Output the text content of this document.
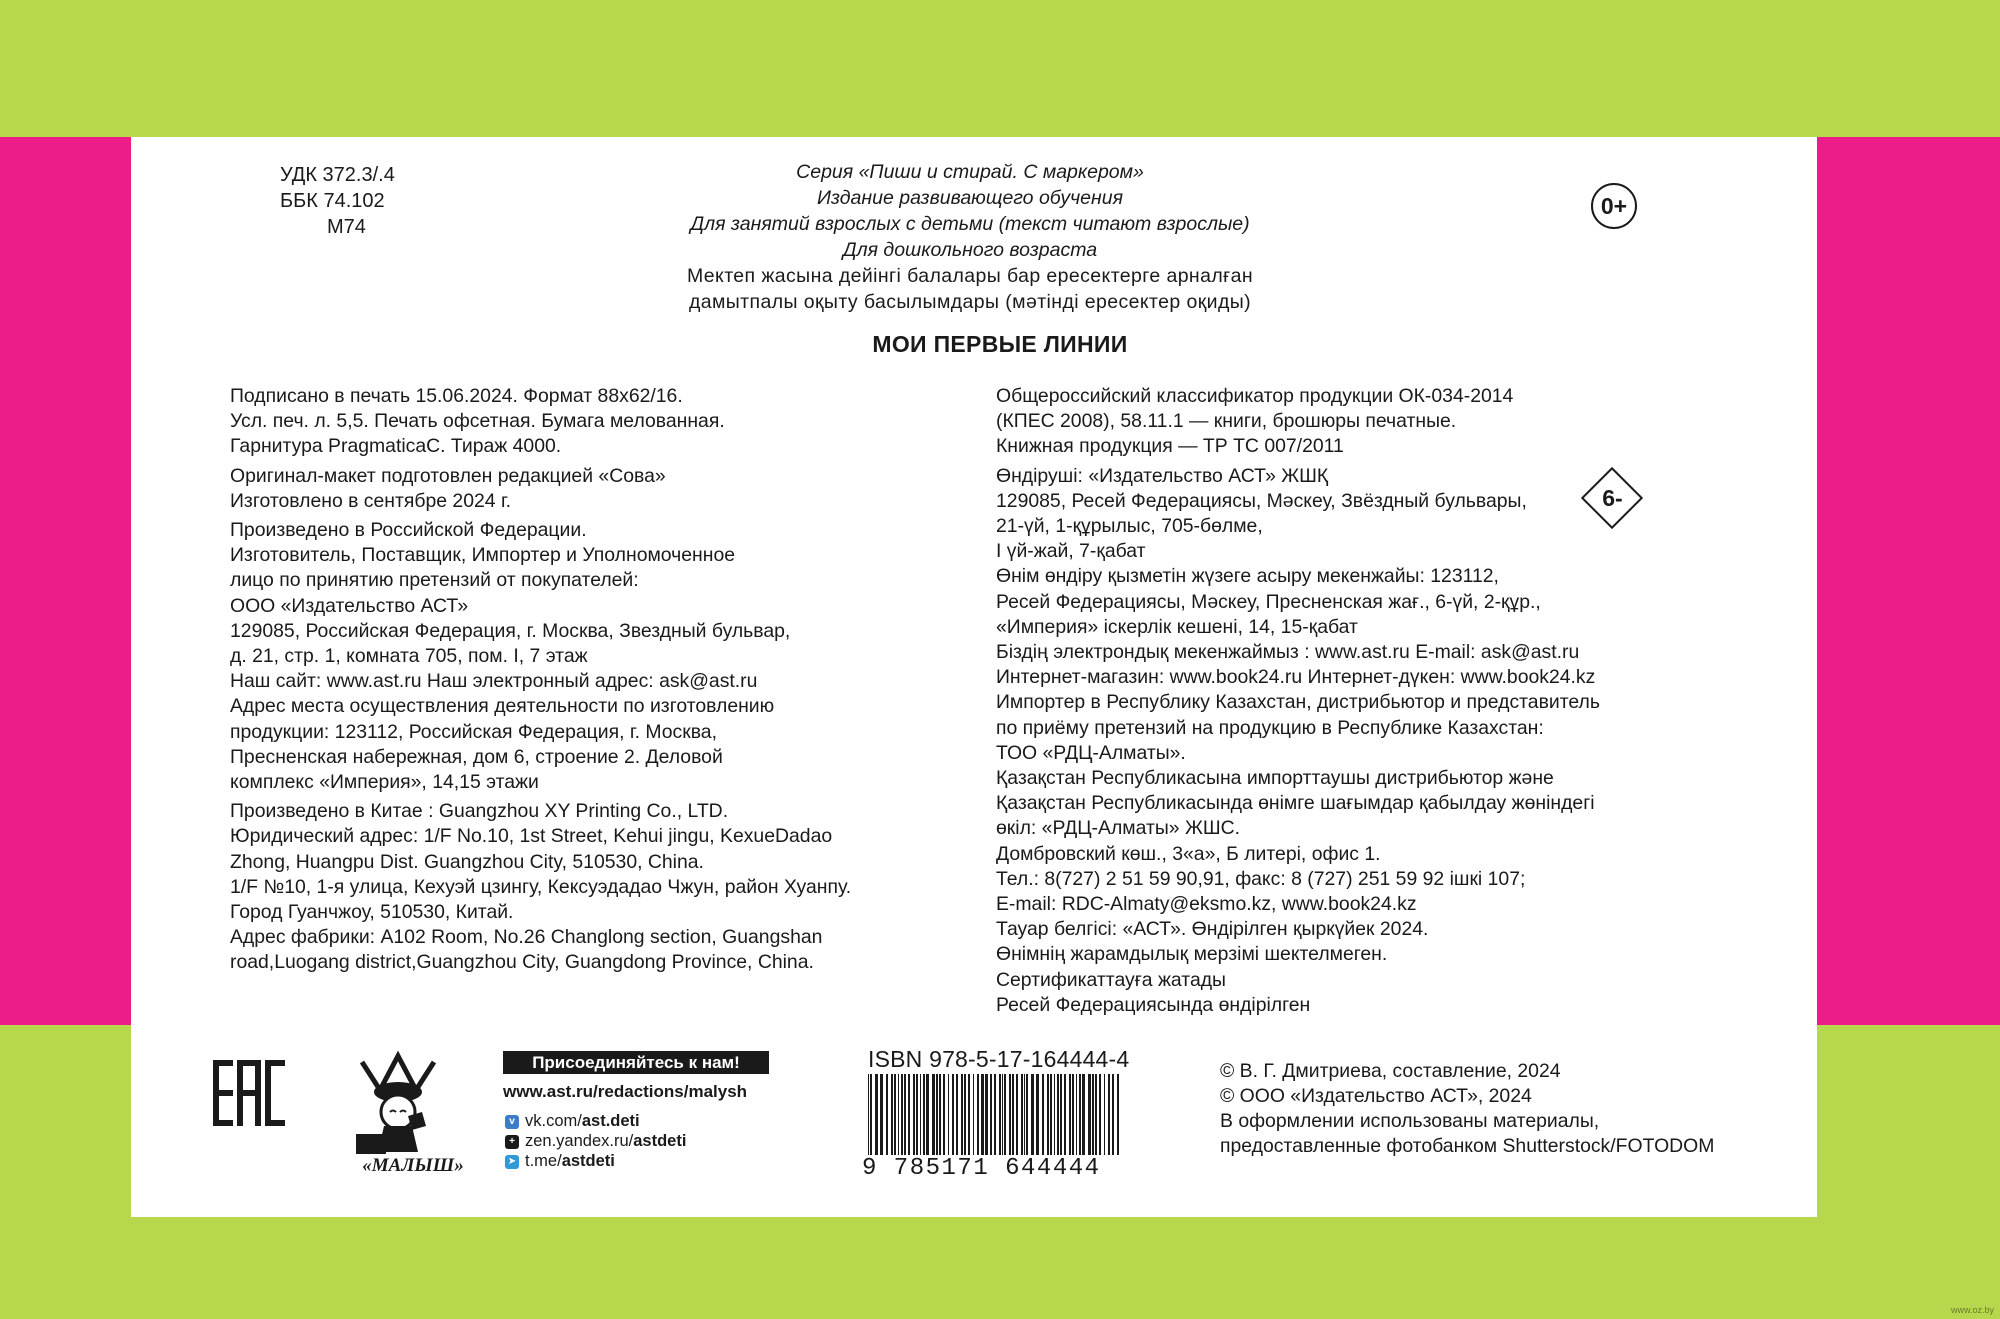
УДК 372.3/.4
ББК 74.102
М74
Серия «Пиши и стирай. С маркером»
Издание развивающего обучения
Для занятий взрослых с детьми (текст читают взрослые)
Для дошкольного возраста
Мектеп жасына дейінгі балалары бар ересектерге арналған
дамытпалы оқыту басылымдары (мәтінді ересектер оқиды)
0+
МОИ ПЕРВЫЕ ЛИНИИ
Подписано в печать 15.06.2024. Формат 88х62/16.
Усл. печ. л. 5,5. Печать офсетная. Бумага мелованная.
Гарнитура PragmaticaC. Тираж 4000.
Оригинал-макет подготовлен редакцией «Сова»
Изготовлено в сентябре 2024 г.
Произведено в Российской Федерации.
Изготовитель, Поставщик, Импортер и Уполномоченное
лицо по принятию претензий от покупателей:
ООО «Издательство АСТ»
129085, Российская Федерация, г. Москва, Звездный бульвар,
д. 21, стр. 1, комната 705, пом. I, 7 этаж
Наш сайт: www.ast.ru Наш электронный адрес: ask@ast.ru
Адрес места осуществления деятельности по изготовлению
продукции: 123112, Российская Федерация, г. Москва,
Пресненская набережная, дом 6, строение 2. Деловой
комплекс «Империя», 14,15 этажи
Произведено в Китае : Guangzhou XY Printing Co., LTD.
Юридический адрес: 1/F No.10, 1st Street, Kehui jingu, KexueDadao
Zhong, Huangpu Dist. Guangzhou City, 510530, China.
1/F №10, 1-я улица, Кехуэй цзингу, Кексуэдадао Чжун, район Хуанпу.
Город Гуанчжоу, 510530, Китай.
Адрес фабрики: A102 Room, No.26 Changlong section, Guangshan
road,Luogang district,Guangzhou City, Guangdong Province, China.
Общероссийский классификатор продукции ОК-034-2014
(КПЕС 2008), 58.11.1 — книги, брошюры печатные.
Книжная продукция — ТР ТС 007/2011
Өндіруші: «Издательство АСТ» ЖШҚ
129085, Ресей Федерациясы, Мәскеу, Звёздный бульвары,
21-үй, 1-құрылыс, 705-бөлме,
I үй-жай, 7-қабат
Өнім өндіру қызметін жүзеге асыру мекенжайы: 123112,
Ресей Федерациясы, Мәскеу, Пресненская жағ., 6-үй, 2-құр.,
«Империя» іскерлік кешені, 14, 15-қабат
Біздің электрондық мекенжаймыз : www.ast.ru E-mail: ask@ast.ru
Интернет-магазин: www.book24.ru Интернет-дүкен: www.book24.kz
Импортер в Республику Казахстан, дистрибьютор и представитель
по приёму претензий на продукцию в Республике Казахстан:
ТОО «РДЦ-Алматы».
Қазақстан Республикасына импорттаушы дистрибьютор және
Қазақстан Республикасында өнімге шағымдар қабылдау жөніндегі
өкіл: «РДЦ-Алматы» ЖШС.
Домбровский көш., 3«а», Б литері, офис 1.
Тел.: 8(727) 2 51 59 90,91, факс: 8 (727) 251 59 92 ішкі 107;
E-mail: RDC-Almaty@eksmo.kz, www.book24.kz
Тауар белгісі: «АСТ». Өндірілген қыркүйек 2024.
Өнімнің жарамдылық мерзімі шектелмеген.
Сертификаттауға жатады
Ресей Федерациясында өндірілген
6-
«МАЛЫШ»
Присоединяйтесь к нам!
www.ast.ru/redactions/malysh
v vk.com/ast.deti
+ zen.yandex.ru/astdeti
➤ t.me/astdeti
ISBN 978-5-17-164444-4
9 785171 644444
© В. Г. Дмитриева, составление, 2024
© ООО «Издательство АСТ», 2024
В оформлении использованы материалы,
предоставленные фотобанком Shutterstock/FOTODOM
www.oz.by
